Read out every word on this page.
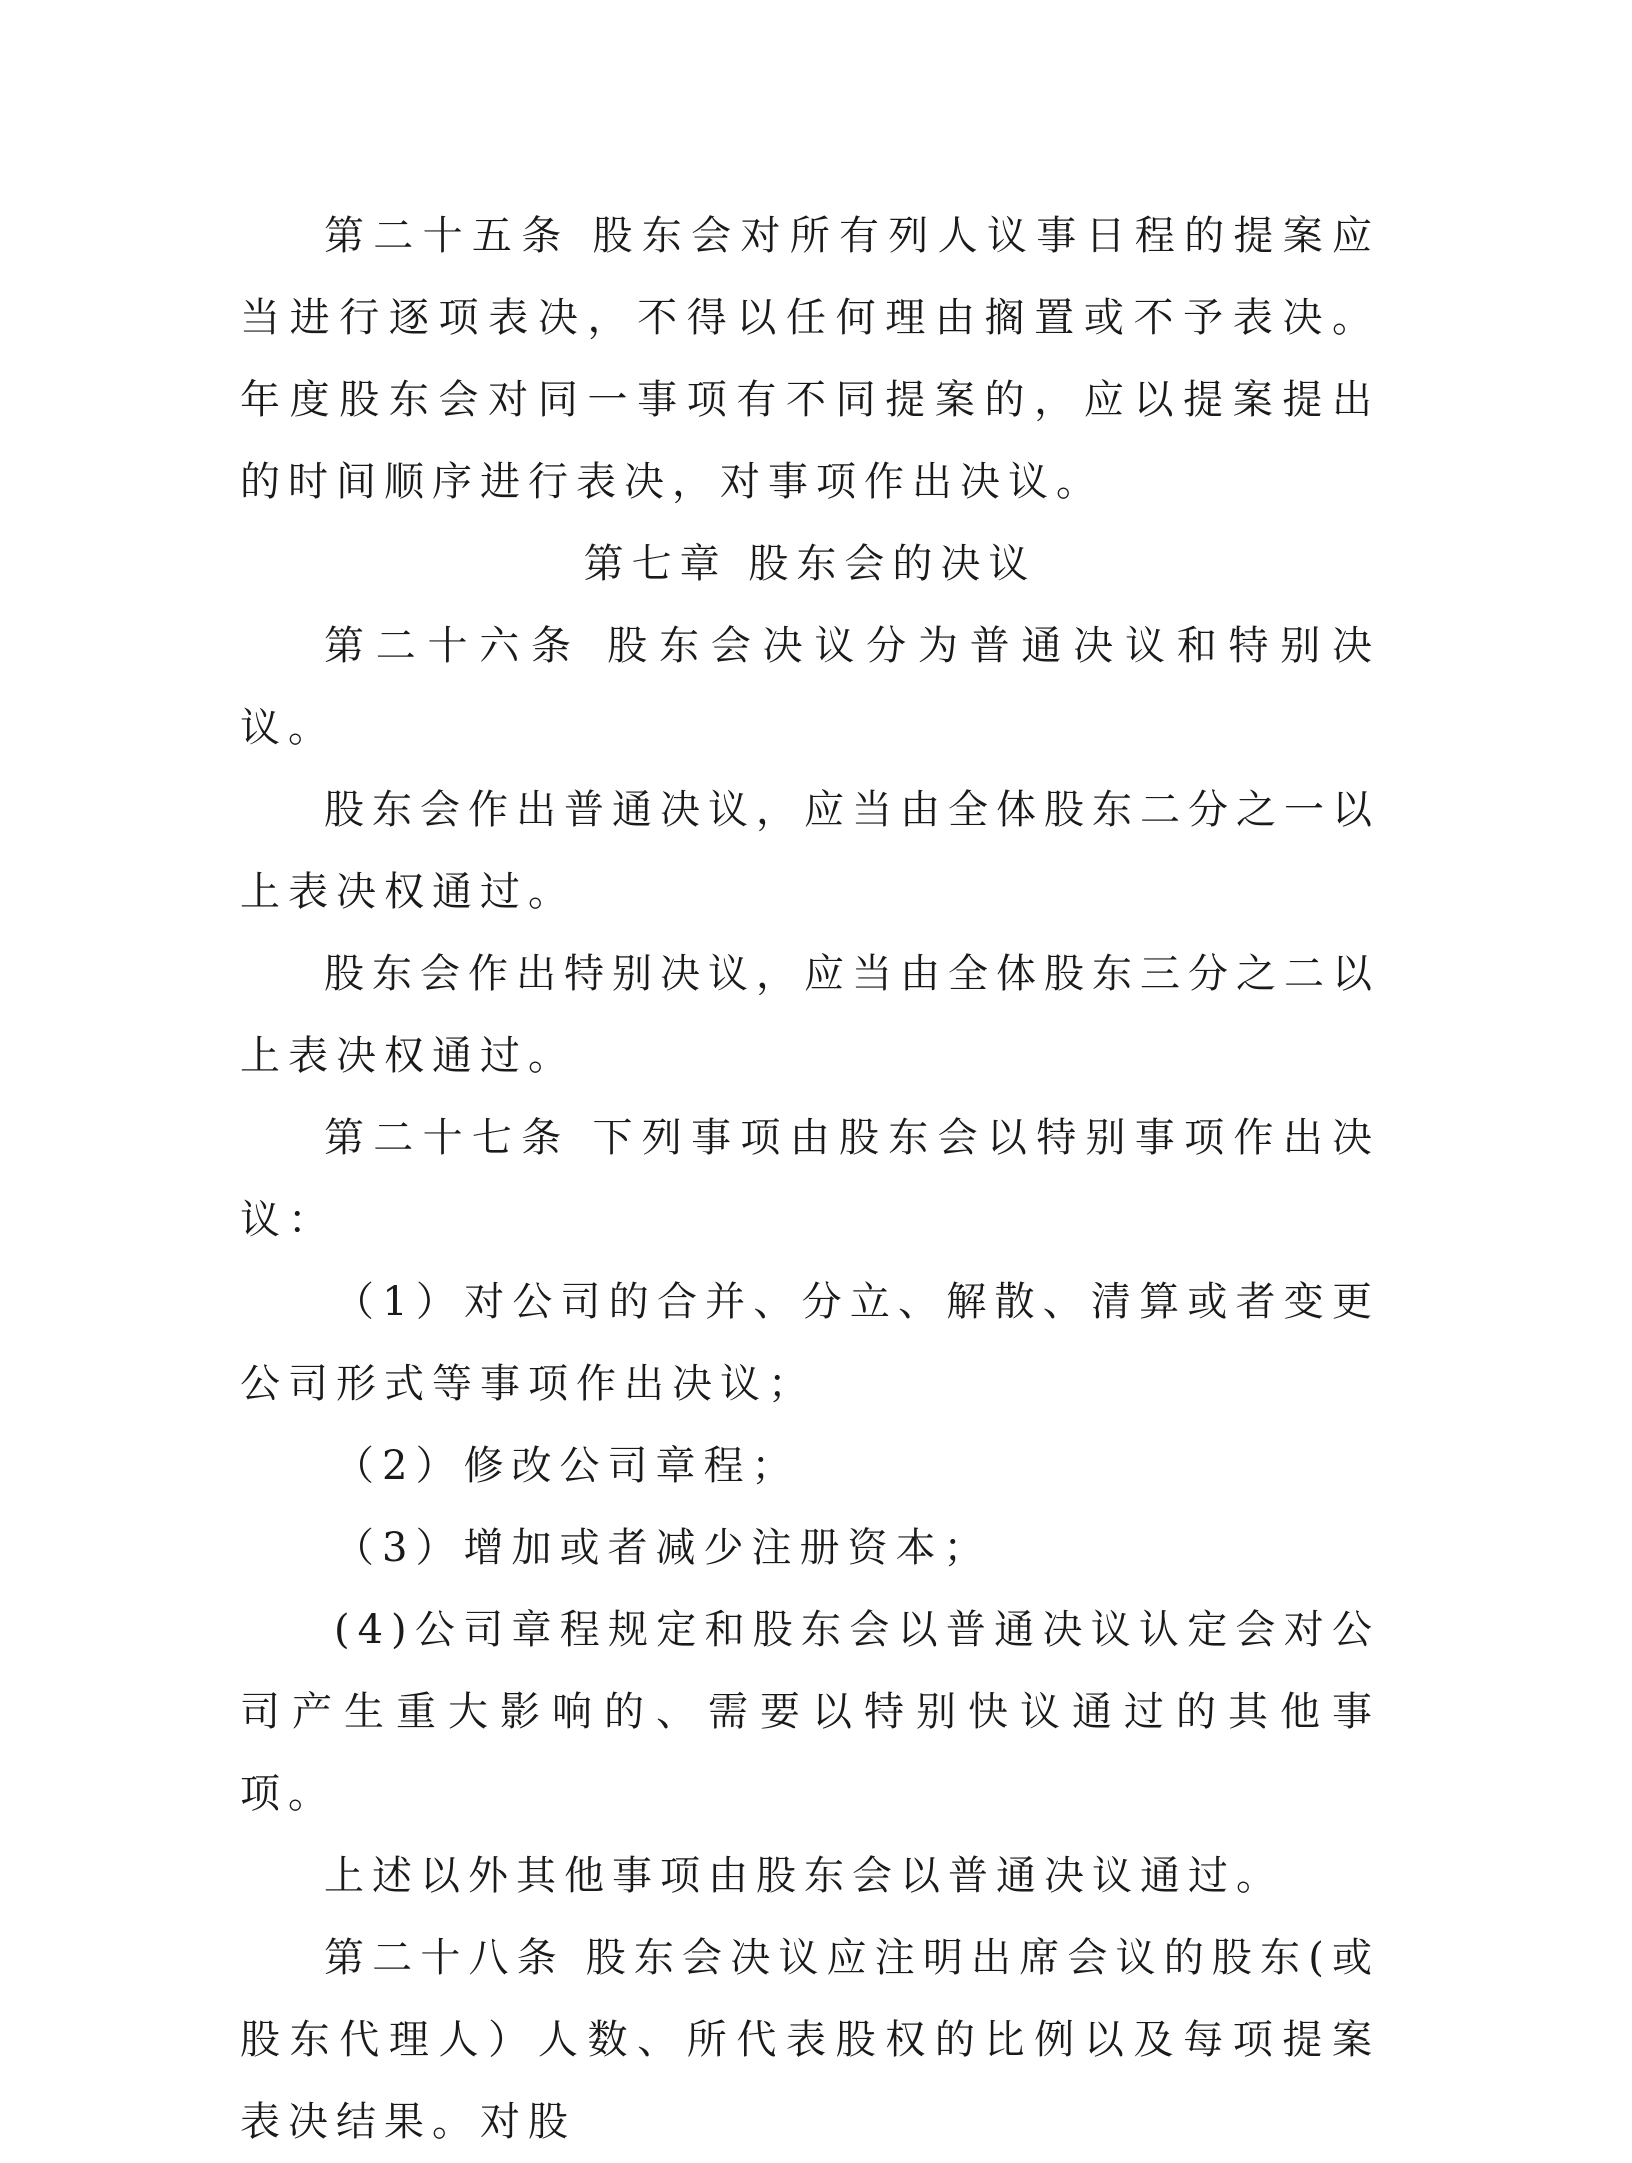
第二十五条 股东会对所有列人议事日程的提案应当进行逐项表决，不得以任何理由搁置或不予表决。年度股东会对同一事项有不同提案的，应以提案提出的时间顺序进行表决，对事项作出决议。

第七章 股东会的决议

第二十六条 股东会决议分为普通决议和特别决议。

股东会作出普通决议，应当由全体股东二分之一以上表决权通过。

股东会作出特别决议，应当由全体股东三分之二以上表决权通过。

第二十七条 下列事项由股东会以特别事项作出决议：

（1）对公司的合并、分立、解散、清算或者变更公司形式等事项作出决议；

（2）修改公司章程；

（3）增加或者减少注册资本；

(4)公司章程规定和股东会以普通决议认定会对公司产生重大影响的、需要以特别快议通过的其他事项。

上述以外其他事项由股东会以普通决议通过。

第二十八条 股东会决议应注明出席会议的股东(或股东代理人）人数、所代表股权的比例以及每项提案表决结果。对股
